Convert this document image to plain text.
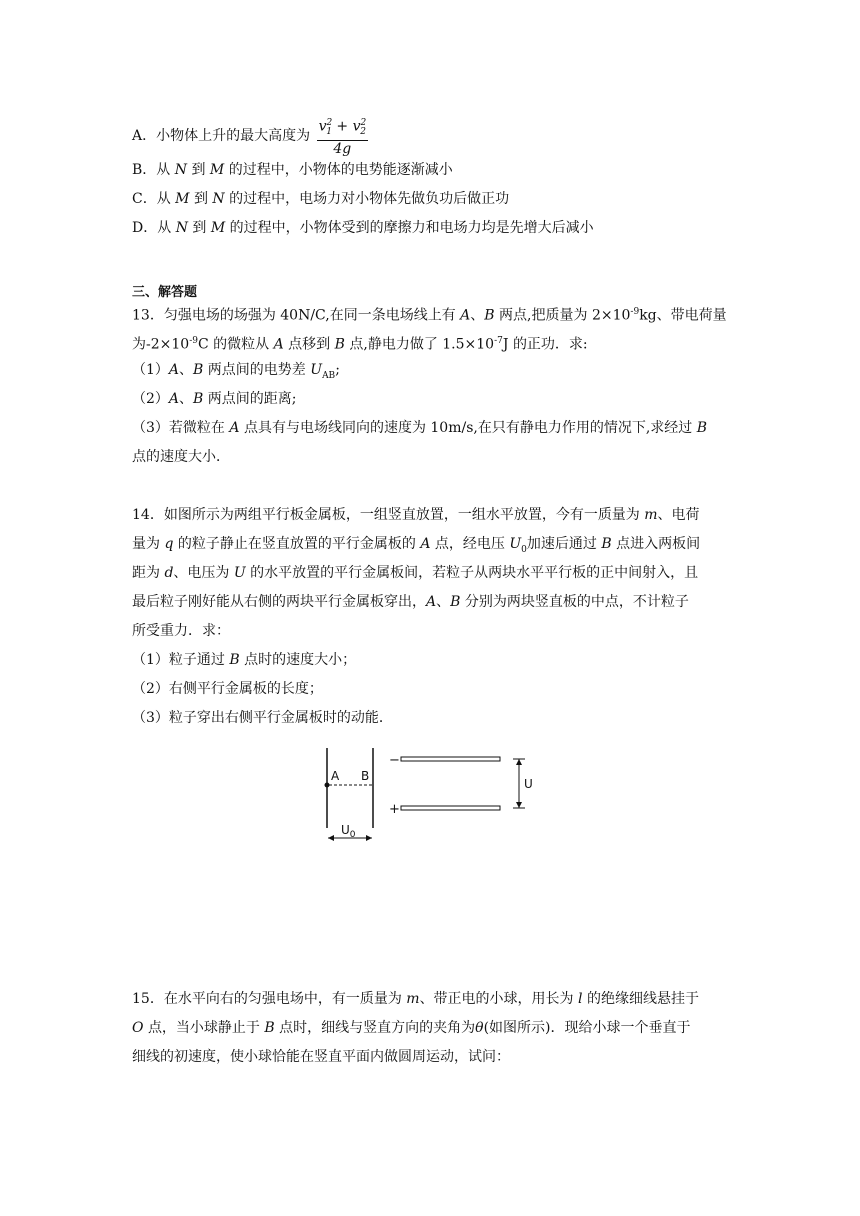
A．小物体上升的最大高度为 $\frac{v^2_1 + v^2_2}{4g}$
B．从 N 到 M 的过程中，小物体的电势能逐渐减小
C．从 M 到 N 的过程中，电场力对小物体先做负功后做正功
D．从 N 到 M 的过程中，小物体受到的摩擦力和电场力均是先增大后减小
三、解答题
13．匀强电场的场强为 40N/C,在同一条电场线上有 A、B 两点,把质量为 $2\times 10^{-9}kg$、带电荷量
为$-2\times 10^{-9}C$ 的微粒从 A 点移到 B 点,静电力做了 $1.5\times 10^{-7}J$ 的正功．求:
（1）A、B 两点间的电势差 $U_{AB}$;
（2）A、B 两点间的距离;
（3）若微粒在 A 点具有与电场线同向的速度为 10m/s,在只有静电力作用的情况下,求经过 B
点的速度大小．
14．如图所示为两组平行板金属板，一组竖直放置，一组水平放置，今有一质量为 m、电荷
量为 q 的粒子静止在竖直放置的平行金属板的 A 点，经电压 $U_0$加速后通过 B 点进入两板间
距为 d、电压为 U 的水平放置的平行金属板间，若粒子从两块水平平行板的正中间射入，且
最后粒子刚好能从右侧的两块平行金属板穿出，A、B 分别为两块竖直板的中点，不计粒子
所受重力．求：
（1）粒子通过 B 点时的速度大小；
（2）右侧平行金属板的长度；
（3）粒子穿出右侧平行金属板时的动能．
A B
$U_0$
−
+
U
15．在水平向右的匀强电场中，有一质量为 m、带正电的小球，用长为 l 的绝缘细线悬挂于
O 点，当小球静止于 B 点时，细线与竖直方向的夹角为θ(如图所示)．现给小球一个垂直于
细线的初速度，使小球恰能在竖直平面内做圆周运动，试问：
